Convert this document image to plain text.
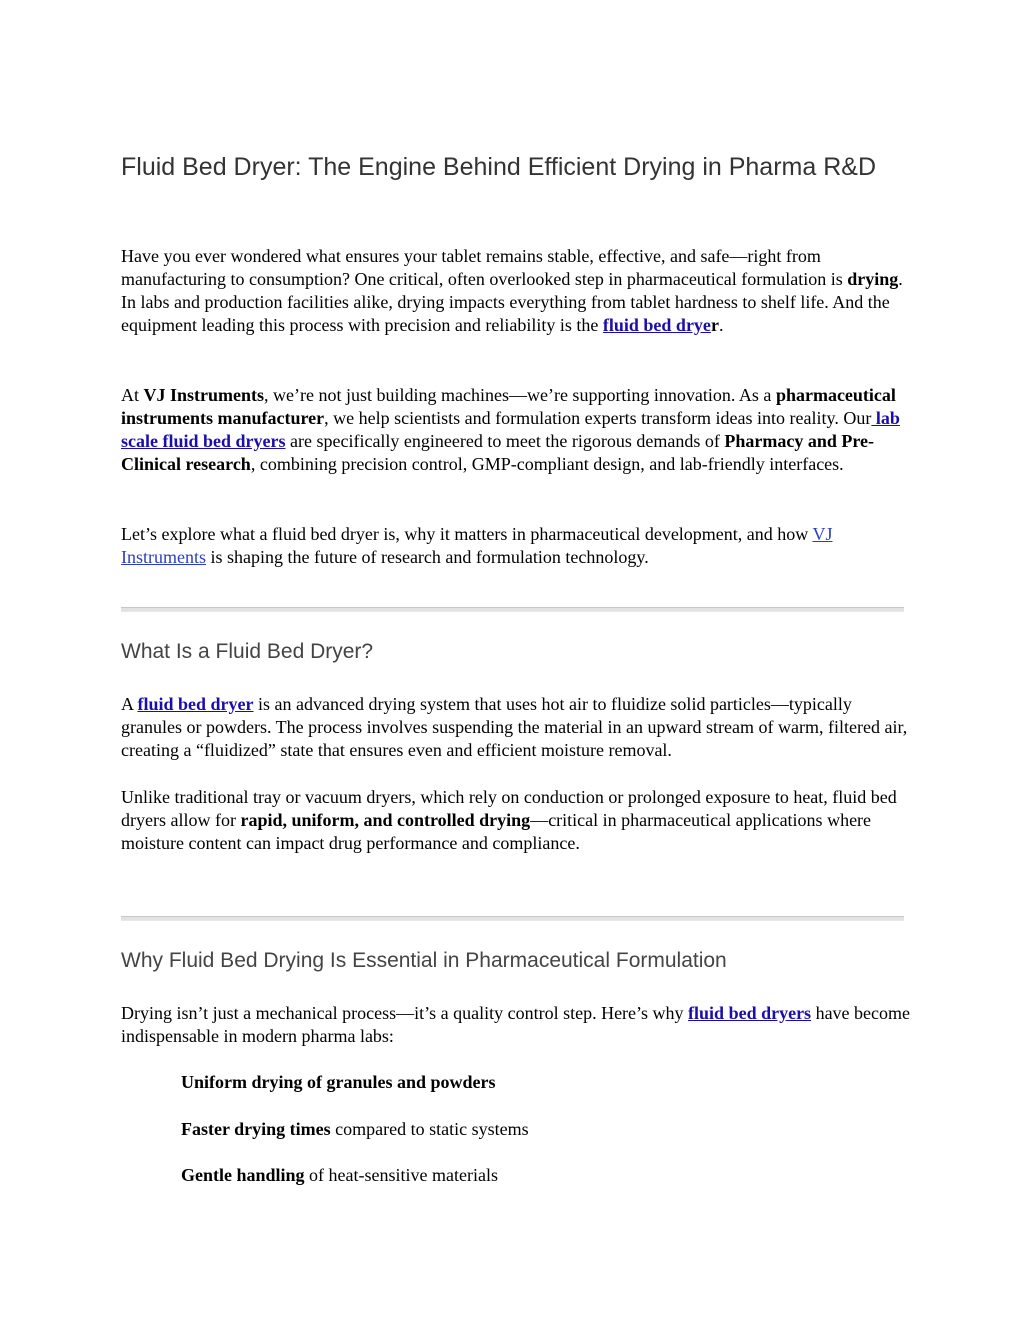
Fluid Bed Dryer: The Engine Behind Efficient Drying in Pharma R&D

Have you ever wondered what ensures your tablet remains stable, effective, and safe—right from manufacturing to consumption? One critical, often overlooked step in pharmaceutical formulation is drying. In labs and production facilities alike, drying impacts everything from tablet hardness to shelf life. And the equipment leading this process with precision and reliability is the fluid bed dryer.

At VJ Instruments, we’re not just building machines—we’re supporting innovation. As a pharmaceutical instruments manufacturer, we help scientists and formulation experts transform ideas into reality. Our lab scale fluid bed dryers are specifically engineered to meet the rigorous demands of Pharmacy and Pre-Clinical research, combining precision control, GMP-compliant design, and lab-friendly interfaces.

Let’s explore what a fluid bed dryer is, why it matters in pharmaceutical development, and how VJ Instruments is shaping the future of research and formulation technology.

What Is a Fluid Bed Dryer?

A fluid bed dryer is an advanced drying system that uses hot air to fluidize solid particles—typically granules or powders. The process involves suspending the material in an upward stream of warm, filtered air, creating a “fluidized” state that ensures even and efficient moisture removal.

Unlike traditional tray or vacuum dryers, which rely on conduction or prolonged exposure to heat, fluid bed dryers allow for rapid, uniform, and controlled drying—critical in pharmaceutical applications where moisture content can impact drug performance and compliance.

Why Fluid Bed Drying Is Essential in Pharmaceutical Formulation

Drying isn’t just a mechanical process—it’s a quality control step. Here’s why fluid bed dryers have become indispensable in modern pharma labs:

Uniform drying of granules and powders

Faster drying times compared to static systems

Gentle handling of heat-sensitive materials
